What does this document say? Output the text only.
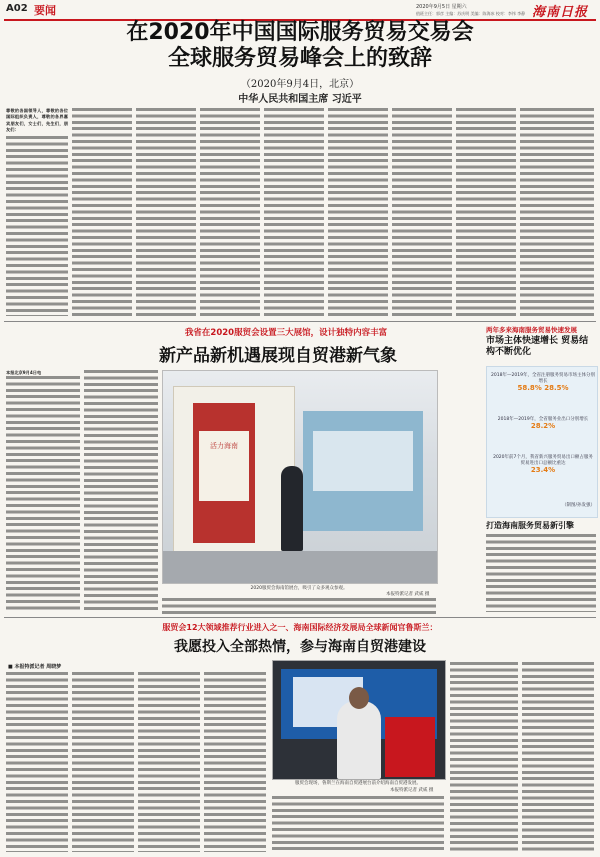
A02 要闻	2020年9月5日 星期六
值班主任：郭彦 主编：苏庆明 美编：陈海冰 校对：李纬 李静 海南日报
在2020年中国国际服务贸易交易会
全球服务贸易峰会上的致辞
（2020年9月4日，北京）
中华人民共和国主席 习近平
尊敬的各国领导人，尊敬的各位国际组织负责人，尊敬的各界嘉宾朋友们，女士们，先生们，朋友们：
我省在2020服贸会设置三大展馆，设计独特内容丰富
新产品新机遇展现自贸港新气象
本报北京9月4日电
活力海南
2020服贸会海南馆展台，吸引了众多观众参观。
本报特派记者 武威 摄
两年多来海南服务贸易快速发展
市场主体快速增长 贸易结构不断优化
2018年—2019年，全省注册服务贸易市场主体分别增长
58.8% 28.5%
2018年—2019年，全省服务业出口分别增长
28.2%
2020年前7个月，我省新兴服务贸易出口额占服务贸易进出口总额比重达
23.4%
（制图/孙发强）
打造海南服务贸易新引擎
服贸会12大领域推荐行业进入之一、海南国际经济发展局全球新闻官鲁斯兰：
我愿投入全部热情，参与海南自贸港建设
■ 本报特派记者 周晓梦
服贸会现场，鲁斯兰在海南自贸港展台前介绍海南自贸港发展。
本报特派记者 武威 摄
